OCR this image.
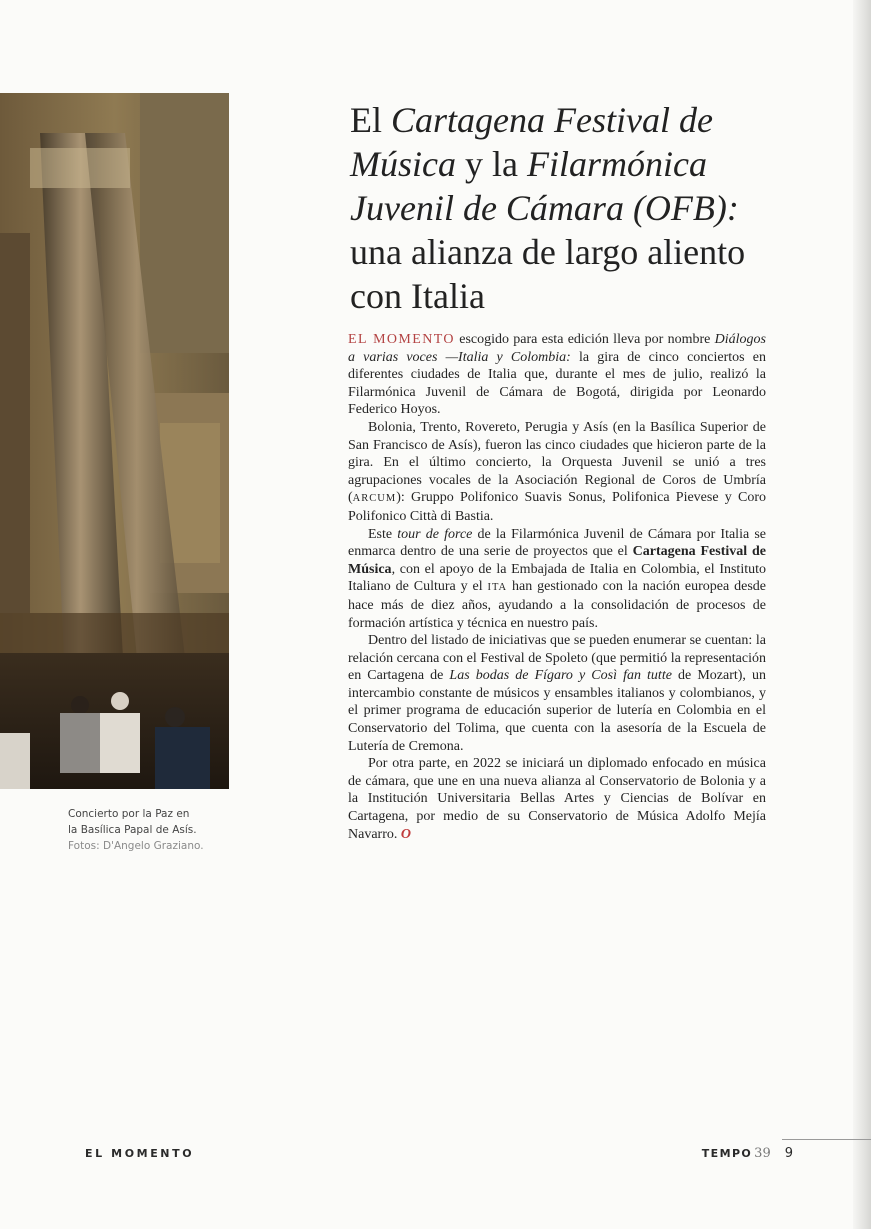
Concierto por la Paz en
la Basílica Papal de Asís.
Fotos: D'Angelo Graziano.

El Cartagena Festival de

Música y la Filarmónica

Juvenil de Cámara (OFB):

una alianza de largo aliento

con Italia

EL MOMENTO escogido para esta edición lleva por nombre Diálogos a varias voces —Italia y Colombia: la gira de cinco conciertos en diferentes ciudades de Italia que, durante el mes de julio, realizó la Filarmónica Juvenil de Cámara de Bogotá, dirigida por Leonardo Federico Hoyos.

Bolonia, Trento, Rovereto, Perugia y Asís (en la Basílica Superior de San Francisco de Asís), fueron las cinco ciudades que hicieron parte de la gira. En el último concierto, la Orquesta Juvenil se unió a tres agrupaciones vocales de la Asociación Regional de Coros de Umbría (ARCUM): Gruppo Polifonico Suavis Sonus, Polifonica Pievese y Coro Polifonico Città di Bastia.

Este tour de force de la Filarmónica Juvenil de Cámara por Italia se enmarca dentro de una serie de proyectos que el Cartagena Festival de Música, con el apoyo de la Embajada de Italia en Colombia, el Instituto Italiano de Cultura y el ITA han gestionado con la nación europea desde hace más de diez años, ayudando a la consolidación de procesos de formación artística y técnica en nuestro país.

Dentro del listado de iniciativas que se pueden enumerar se cuentan: la relación cercana con el Festival de Spoleto (que permitió la representación en Cartagena de Las bodas de Fígaro y Così fan tutte de Mozart), un intercambio constante de músicos y ensambles italianos y colombianos, y el primer programa de educación superior de lutería en Colombia en el Conservatorio del Tolima, que cuenta con la asesoría de la Escuela de Lutería de Cremona.

Por otra parte, en 2022 se iniciará un diplomado enfocado en música de cámara, que une en una nueva alianza al Conservatorio de Bolonia y a la Institución Universitaria Bellas Artes y Ciencias de Bolívar en Cartagena, por medio de su Conservatorio de Música Adolfo Mejía Navarro. O

EL MOMENTO	TEMPO 39 9
